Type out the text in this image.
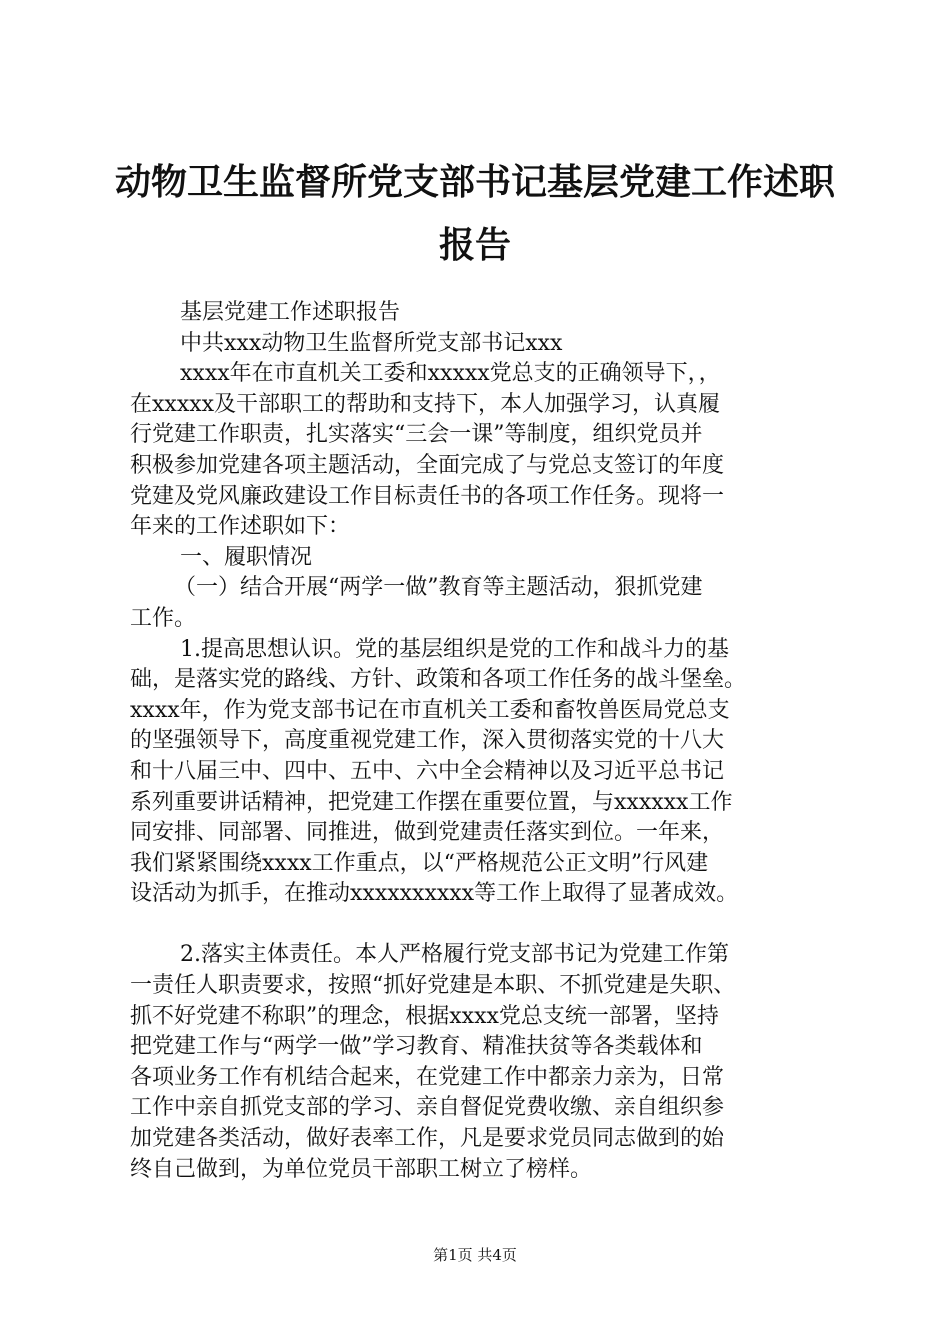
动物卫生监督所党支部书记基层党建工作述职
报告
基层党建工作述职报告
中共xxx动物卫生监督所党支部书记xxx
xxxx年在市直机关工委和xxxxx党总支的正确领导下，，
在xxxxx及干部职工的帮助和支持下，本人加强学习，认真履
行党建工作职责，扎实落实“三会一课”等制度，组织党员并
积极参加党建各项主题活动，全面完成了与党总支签订的年度
党建及党风廉政建设工作目标责任书的各项工作任务。现将一
年来的工作述职如下：
一、履职情况
（一）结合开展“两学一做”教育等主题活动，狠抓党建
工作。
1.提高思想认识。党的基层组织是党的工作和战斗力的基
础，是落实党的路线、方针、政策和各项工作任务的战斗堡垒。
xxxx年，作为党支部书记在市直机关工委和畜牧兽医局党总支
的坚强领导下，高度重视党建工作，深入贯彻落实党的十八大
和十八届三中、四中、五中、六中全会精神以及习近平总书记
系列重要讲话精神，把党建工作摆在重要位置，与xxxxxx工作
同安排、同部署、同推进，做到党建责任落实到位。一年来，
我们紧紧围绕xxxx工作重点，以“严格规范公正文明”行风建
设活动为抓手，在推动xxxxxxxxxx等工作上取得了显著成效。
2.落实主体责任。本人严格履行党支部书记为党建工作第
一责任人职责要求，按照“抓好党建是本职、不抓党建是失职、
抓不好党建不称职”的理念，根据xxxx党总支统一部署，坚持
把党建工作与“两学一做”学习教育、精准扶贫等各类载体和
各项业务工作有机结合起来，在党建工作中都亲力亲为，日常
工作中亲自抓党支部的学习、亲自督促党费收缴、亲自组织参
加党建各类活动，做好表率工作，凡是要求党员同志做到的始
终自己做到，为单位党员干部职工树立了榜样。
第1页 共4页
